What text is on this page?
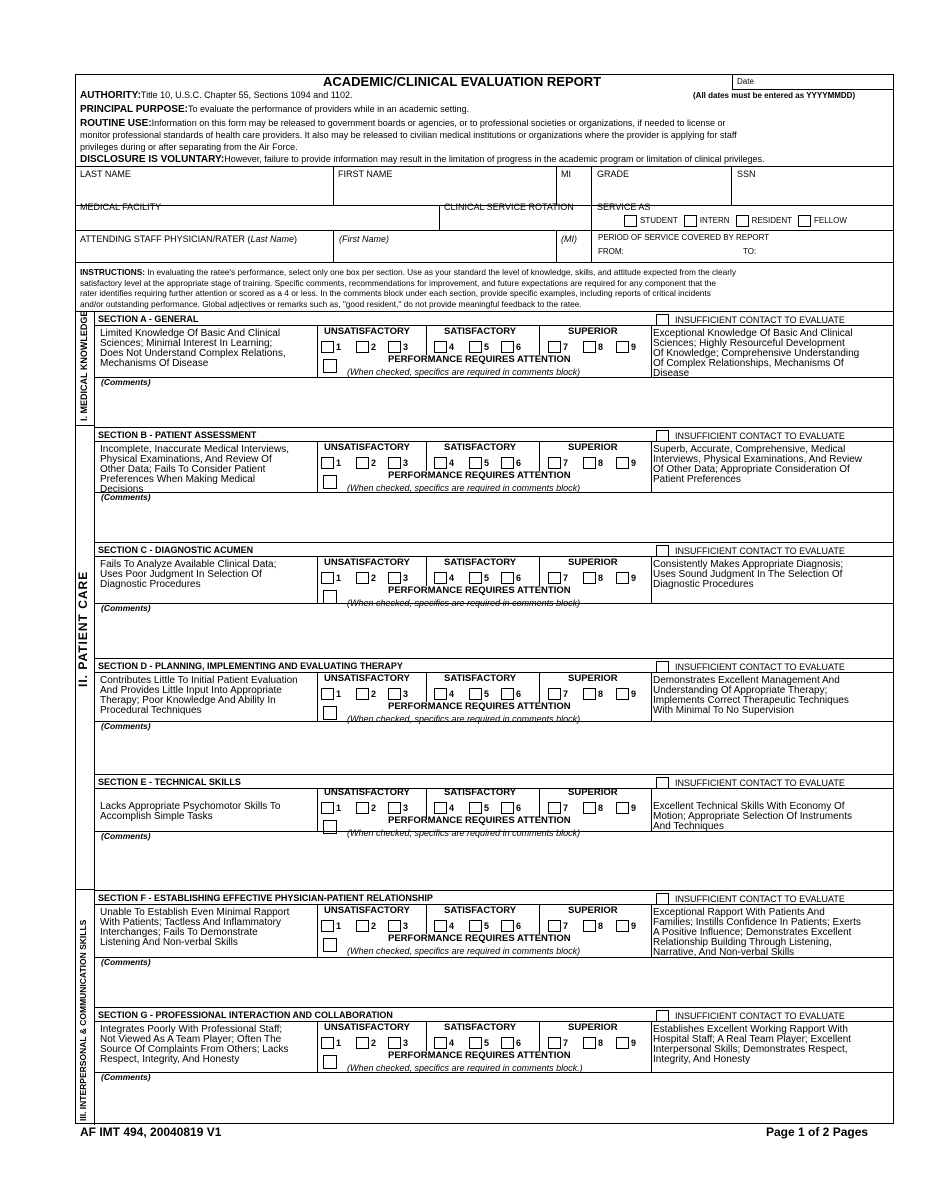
ACADEMIC/CLINICAL EVALUATION REPORT	Date
(All dates must be entered as YYYYMMDD)
AUTHORITY:Title 10, U.S.C. Chapter 55, Sections 1094 and 1102.
PRINCIPAL PURPOSE:To evaluate the performance of providers while in an academic setting.
ROUTINE USE:Information on this form may be released to government boards or agencies, or to professional societies or organizations, if needed to license or
monitor professional standards of health care providers. It also may be released to civilian medical institutions or organizations where the provider is applying for staff
privileges during or after separating from the Air Force.
DISCLOSURE IS VOLUNTARY:However, failure to provide information may result in the limitation of progress in the academic program or limitation of clinical privileges.
LAST NAME	FIRST NAME	MI	GRADE	SSN
MEDICAL FACILITY	CLINICAL SERVICE ROTATION	SERVICE AS
STUDENT	INTERN	RESIDENT	FELLOW
ATTENDING STAFF PHYSICIAN/RATER (Last Name)	(First Name)	(MI)	PERIOD OF SERVICE COVERED BY REPORT
FROM:	TO:
INSTRUCTIONS: In evaluating the ratee's performance, select only one box per section. Use as your standard the level of knowledge, skills, and attitude expected from the clearly
satisfactory level at the appropriate stage of training. Specific comments, recommendations for improvement, and future expectations are required for any component that the
rater identifies requiring further attention or scored as a 4 or less. In the comments block under each section, provide specific examples, including reports of critical incidents
and/or outstanding performance. Global adjectives or remarks such as, "good resident," do not provide meaningful feedback to the ratee.
I. MEDICAL KNOWLEDGE
II. PATIENT CARE
III. INTERPERSONAL & COMMUNICATION SKILLS
SECTION A - GENERAL	INSUFFICIENT CONTACT TO EVALUATE
Limited Knowledge Of Basic And Clinical
Sciences; Minimal Interest In Learning;
Does Not Understand Complex Relations,
Mechanisms Of Disease
UNSATISFACTORY	SATISFACTORY	SUPERIOR
1	2	3	4	5	6	7	8	9
PERFORMANCE REQUIRES ATTENTION
(When checked, specifics are required in comments block)
Exceptional Knowledge Of Basic And Clinical
Sciences; Highly Resourceful Development
Of Knowledge; Comprehensive Understanding
Of Complex Relationships, Mechanisms Of
Disease
(Comments)
SECTION B - PATIENT ASSESSMENT	INSUFFICIENT CONTACT TO EVALUATE
Incomplete, Inaccurate Medical Interviews,
Physical Examinations, And Review Of
Other Data; Fails To Consider Patient
Preferences When Making Medical
Decisions
UNSATISFACTORY	SATISFACTORY	SUPERIOR
1	2	3	4	5	6	7	8	9
PERFORMANCE REQUIRES ATTENTION
(When checked, specifics are required in comments block)
Superb, Accurate, Comprehensive, Medical
Interviews, Physical Examinations, And Review
Of Other Data; Appropriate Consideration Of
Patient Preferences
(Comments)
SECTION C - DIAGNOSTIC ACUMEN	INSUFFICIENT CONTACT TO EVALUATE
Fails To Analyze Available Clinical Data;
Uses Poor Judgment In Selection Of
Diagnostic Procedures
UNSATISFACTORY	SATISFACTORY	SUPERIOR
1	2	3	4	5	6	7	8	9
PERFORMANCE REQUIRES ATTENTION
(When checked, specifics are required in comments block)
Consistently Makes Appropriate Diagnosis;
Uses Sound Judgment In The Selection Of
Diagnostic Procedures
(Comments)
SECTION D - PLANNING, IMPLEMENTING AND EVALUATING THERAPY	INSUFFICIENT CONTACT TO EVALUATE
Contributes Little To Initial Patient Evaluation
And Provides Little Input Into Appropriate
Therapy; Poor Knowledge And Ability In
Procedural Techniques
UNSATISFACTORY	SATISFACTORY	SUPERIOR
1	2	3	4	5	6	7	8	9
PERFORMANCE REQUIRES ATTENTION
(When checked, specifics are required in comments block)
Demonstrates Excellent Management And
Understanding Of Appropriate Therapy;
Implements Correct Therapeutic Techniques
With Minimal To No Supervision
(Comments)
SECTION E - TECHNICAL SKILLS	INSUFFICIENT CONTACT TO EVALUATE
Lacks Appropriate Psychomotor Skills To
Accomplish Simple Tasks
UNSATISFACTORY	SATISFACTORY	SUPERIOR
1	2	3	4	5	6	7	8	9
PERFORMANCE REQUIRES ATTENTION
(When checked, specifics are required in comments block)
Excellent Technical Skills With Economy Of
Motion; Appropriate Selection Of Instruments
And Techniques
(Comments)
SECTION F - ESTABLISHING EFFECTIVE PHYSICIAN-PATIENT RELATIONSHIP	INSUFFICIENT CONTACT TO EVALUATE
Unable To Establish Even Minimal Rapport
With Patients; Tactless And Inflammatory
Interchanges; Fails To Demonstrate
Listening And Non-verbal Skills
UNSATISFACTORY	SATISFACTORY	SUPERIOR
1	2	3	4	5	6	7	8	9
PERFORMANCE REQUIRES ATTENTION
(When checked, specifics are required in comments block)
Exceptional Rapport With Patients And
Families; Instills Confidence In Patients; Exerts
A Positive Influence; Demonstrates Excellent
Relationship Building Through Listening,
Narrative, And Non-verbal Skills
(Comments)
SECTION G - PROFESSIONAL INTERACTION AND COLLABORATION	INSUFFICIENT CONTACT TO EVALUATE
Integrates Poorly With Professional Staff;
Not Viewed As A Team Player; Often The
Source Of Complaints From Others; Lacks
Respect, Integrity, And Honesty
UNSATISFACTORY	SATISFACTORY	SUPERIOR
1	2	3	4	5	6	7	8	9
PERFORMANCE REQUIRES ATTENTION
(When checked, specifics are required in comments block.)
Establishes Excellent Working Rapport With
Hospital Staff; A Real Team Player; Excellent
Interpersonal Skills; Demonstrates Respect,
Integrity, And Honesty
(Comments)
AF IMT 494, 20040819 V1	Page 1 of 2 Pages
